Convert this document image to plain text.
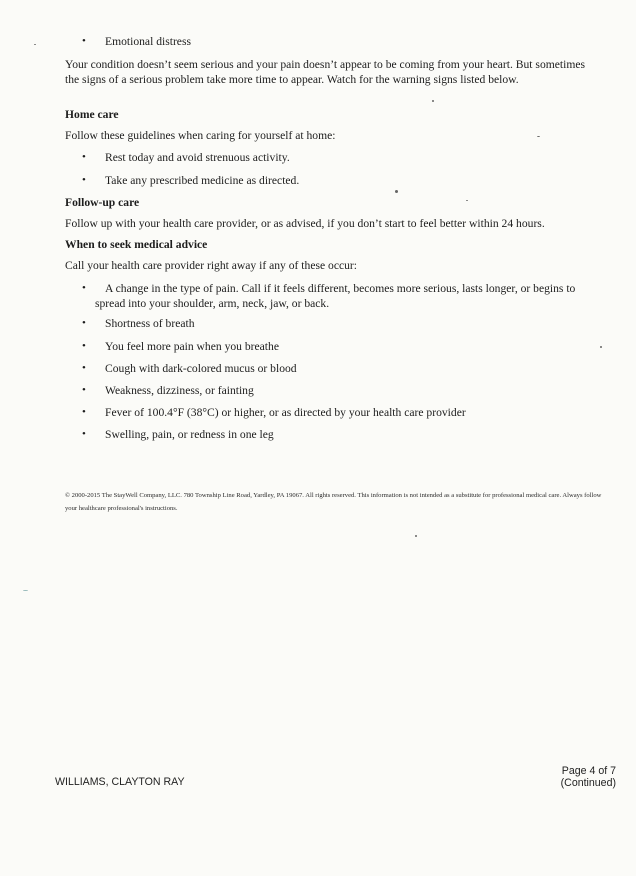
• Emotional distress
Your condition doesn’t seem serious and your pain doesn’t appear to be coming from your heart. But sometimes the signs of a serious problem take more time to appear. Watch for the warning signs listed below.
Home care
Follow these guidelines when caring for yourself at home:
• Rest today and avoid strenuous activity.
• Take any prescribed medicine as directed.
Follow-up care
Follow up with your health care provider, or as advised, if you don’t start to feel better within 24 hours.
When to seek medical advice
Call your health care provider right away if any of these occur:
•	A change in the type of pain. Call if it feels different, becomes more serious, lasts longer, or begins to spread into your shoulder, arm, neck, jaw, or back.
• Shortness of breath
• You feel more pain when you breathe
• Cough with dark-colored mucus or blood
• Weakness, dizziness, or fainting
• Fever of 100.4°F (38°C) or higher, or as directed by your health care provider
• Swelling, pain, or redness in one leg
© 2000-2015 The StayWell Company, LLC. 780 Township Line Road, Yardley, PA 19067. All rights reserved. This information is not intended as a substitute for professional medical care. Always follow your healthcare professional's instructions.
WILLIAMS, CLAYTON RAY
Page 4 of 7
(Continued)
